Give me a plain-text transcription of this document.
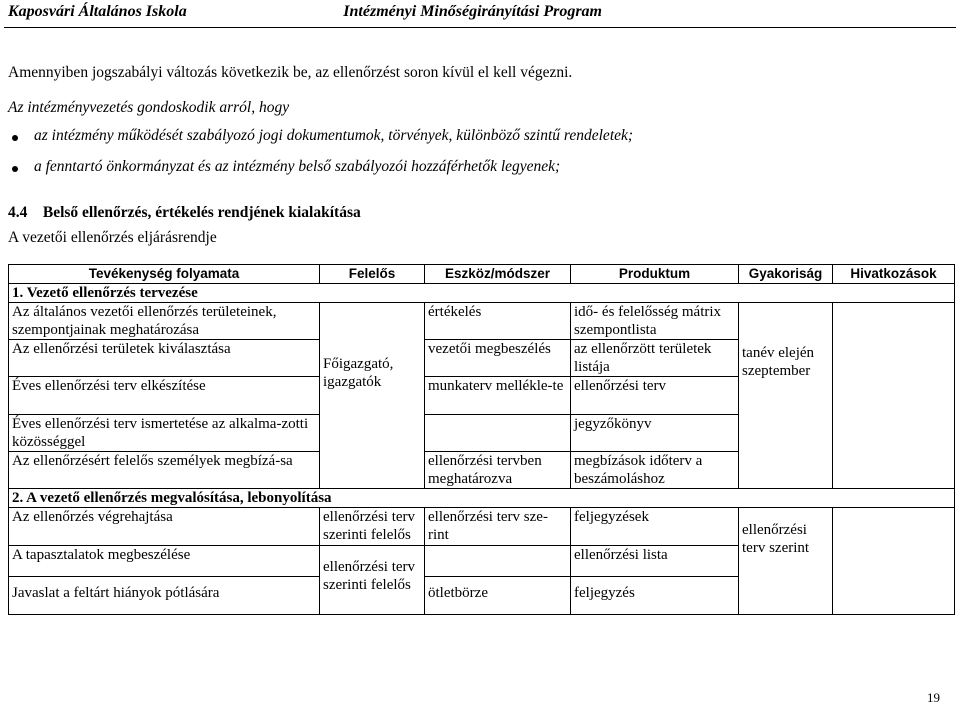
Kaposvári Általános Iskola	Intézményi Minőségirányítási Program
Amennyiben jogszabályi változás következik be, az ellenőrzést soron kívül el kell végezni.
Az intézményvezetés gondoskodik arról, hogy
az intézmény működését szabályozó jogi dokumentumok, törvények, különböző szintű rendeletek;
a fenntartó önkormányzat és az intézmény belső szabályozói hozzáférhetők legyenek;
4.4    Belső ellenőrzés, értékelés rendjének kialakítása
A vezetői ellenőrzés eljárásrendje
Tevékenység folyamata	Felelős	Eszköz/módszer	Produktum	Gyakoriság	Hivatkozások
1. Vezető ellenőrzés tervezése					
Az általános vezetői ellenőrzés területeinek, szempontjainak meghatározása	Főigazgató, igazgatók	értékelés	idő- és felelősség mátrix szempontlista	tanév elején szeptember	
Az ellenőrzési területek kiválasztása		vezetői megbeszélés	az ellenőrzött területek listája		
Éves ellenőrzési terv elkészítése		munkaterv mellékle-te	ellenőrzési terv		
Éves ellenőrzési terv ismertetése az alkalma-zotti közösséggel			jegyzőkönyv		
Az ellenőrzésért felelős személyek megbízá-sa		ellenőrzési tervben meghatározva	megbízások időterv a beszámoláshoz		
2. A vezető ellenőrzés megvalósítása, lebonyolítása					
Az ellenőrzés végrehajtása	ellenőrzési terv szerinti felelős	ellenőrzési terv sze-rint	feljegyzések	ellenőrzési terv szerint	
A tapasztalatok megbeszélése	ellenőrzési terv szerinti felelős		ellenőrzési lista		
Javaslat a feltárt hiányok pótlására		ötletbörze	feljegyzés		
19
